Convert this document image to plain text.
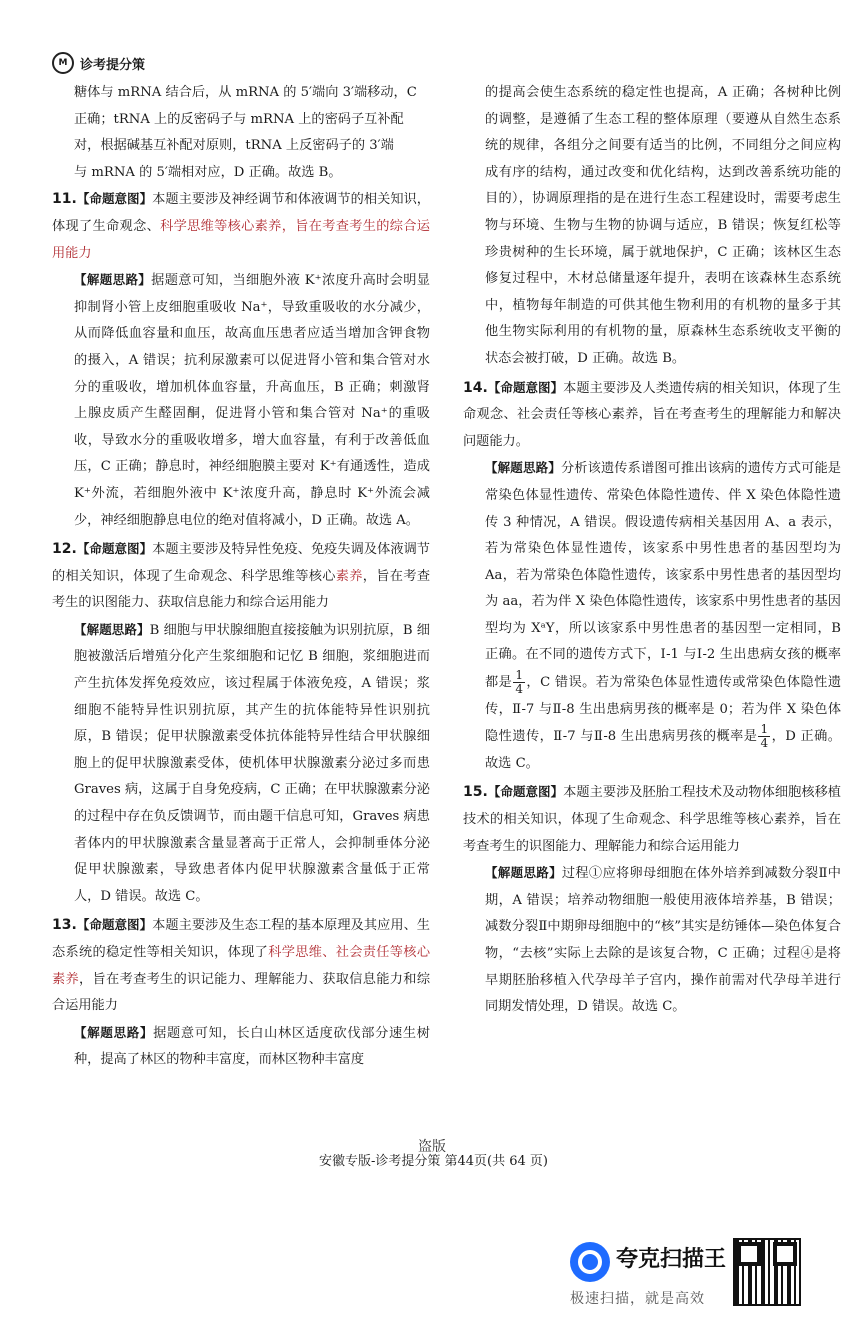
M 诊考提分策
糖体与 mRNA 结合后，从 mRNA 的 5′端向 3′端移动，C
正确；tRNA 上的反密码子与 mRNA 上的密码子互补配
对，根据碱基互补配对原则，tRNA 上反密码子的 3′端
与 mRNA 的 5′端相对应，D 正确。故选 B。
11.【命题意图】本题主要涉及神经调节和体液调节的相关知识，体现了生命观念、科学思维等核心素养，旨在考查考生的综合运用能力
【解题思路】据题意可知，当细胞外液 K⁺浓度升高时会明显抑制肾小管上皮细胞重吸收 Na⁺，导致重吸收的水分减少，从而降低血容量和血压，故高血压患者应适当增加含钾食物的摄入，A 错误；抗利尿激素可以促进肾小管和集合管对水分的重吸收，增加机体血容量，升高血压，B 正确；刺激肾上腺皮质产生醛固酮，促进肾小管和集合管对 Na⁺的重吸收，导致水分的重吸收增多，增大血容量，有利于改善低血压，C 正确；静息时，神经细胞膜主要对 K⁺有通透性，造成 K⁺外流，若细胞外液中 K⁺浓度升高，静息时 K⁺外流会减少，神经细胞静息电位的绝对值将减小，D 正确。故选 A。
12.【命题意图】本题主要涉及特异性免疫、免疫失调及体液调节的相关知识，体现了生命观念、科学思维等核心素养，旨在考查考生的识图能力、获取信息能力和综合运用能力
【解题思路】B 细胞与甲状腺细胞直接接触为识别抗原，B 细胞被激活后增殖分化产生浆细胞和记忆 B 细胞，浆细胞进而产生抗体发挥免疫效应，该过程属于体液免疫，A 错误；浆细胞不能特异性识别抗原，其产生的抗体能特异性识别抗原，B 错误；促甲状腺激素受体抗体能特异性结合甲状腺细胞上的促甲状腺激素受体，使机体甲状腺激素分泌过多而患 Graves 病，这属于自身免疫病，C 正确；在甲状腺激素分泌的过程中存在负反馈调节，而由题干信息可知，Graves 病患者体内的甲状腺激素含量显著高于正常人，会抑制垂体分泌促甲状腺激素，导致患者体内促甲状腺激素含量低于正常人，D 错误。故选 C。
13.【命题意图】本题主要涉及生态工程的基本原理及其应用、生态系统的稳定性等相关知识，体现了科学思维、社会责任等核心素养，旨在考查考生的识记能力、理解能力、获取信息能力和综合运用能力
【解题思路】据题意可知，长白山林区适度砍伐部分速生树种，提高了林区的物种丰富度，而林区物种丰富度
的提高会使生态系统的稳定性也提高，A 正确；各树种比例的调整，是遵循了生态工程的整体原理（要遵从自然生态系统的规律，各组分之间要有适当的比例，不同组分之间应构成有序的结构，通过改变和优化结构，达到改善系统功能的目的），协调原理指的是在进行生态工程建设时，需要考虑生物与环境、生物与生物的协调与适应，B 错误；恢复红松等珍贵树种的生长环境，属于就地保护，C 正确；该林区生态修复过程中，木材总储量逐年提升，表明在该森林生态系统中，植物每年制造的可供其他生物利用的有机物的量多于其他生物实际利用的有机物的量，原森林生态系统收支平衡的状态会被打破，D 正确。故选 B。
14.【命题意图】本题主要涉及人类遗传病的相关知识，体现了生命观念、社会责任等核心素养，旨在考查考生的理解能力和解决问题能力。
【解题思路】分析该遗传系谱图可推出该病的遗传方式可能是常染色体显性遗传、常染色体隐性遗传、伴 X 染色体隐性遗传 3 种情况，A 错误。假设遗传病相关基因用 A、a 表示，若为常染色体显性遗传，该家系中男性患者的基因型均为 Aa，若为常染色体隐性遗传，该家系中男性患者的基因型均为 aa，若为伴 X 染色体隐性遗传，该家系中男性患者的基因型均为 XᵃY，所以该家系中男性患者的基因型一定相同，B 正确。在不同的遗传方式下，Ⅰ-1 与Ⅰ-2 生出患病女孩的概率都是 $\frac{1}{4}$ ，C 错误。若为常染色体显性遗传或常染色体隐性遗传，Ⅱ-7 与Ⅱ-8 生出患病男孩的概率是 0；若为伴 X 染色体隐性遗传，Ⅱ-7 与Ⅱ-8 生出患病男孩的概率是 $\frac{1}{4}$ ，D 正确。故选 C。
15.【命题意图】本题主要涉及胚胎工程技术及动物体细胞核移植技术的相关知识，体现了生命观念、科学思维等核心素养，旨在考查考生的识图能力、理解能力和综合运用能力
【解题思路】过程①应将卵母细胞在体外培养到减数分裂Ⅱ中期，A 错误；培养动物细胞一般使用液体培养基，B 错误；减数分裂Ⅱ中期卵母细胞中的“核”其实是纺锤体—染色体复合物，“去核”实际上去除的是该复合物，C 正确；过程④是将早期胚胎移植入代孕母羊子宫内，操作前需对代孕母羊进行同期发情处理，D 错误。故选 C。
盗版
安徽专版-诊考提分策 第44页(共 64 页)
夸克扫描王
极速扫描，就是高效
